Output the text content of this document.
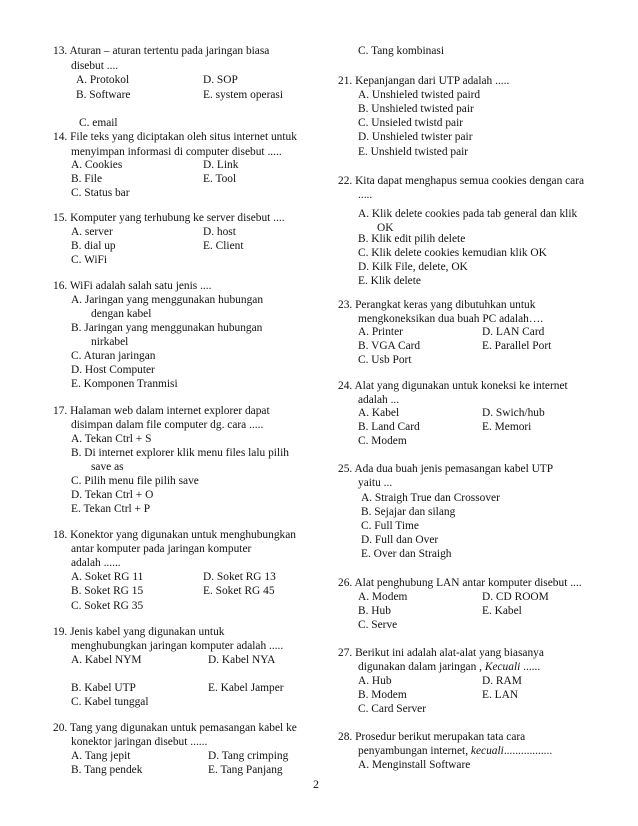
13. Aturan – aturan tertentu pada jaringan biasa
disebut ....
A. Protokol	D. SOP
B. Software	E. system operasi
C. email
14. File teks yang diciptakan oleh situs internet untuk
menyimpan informasi di computer disebut .....
A. Cookies	D. Link
B. File	E. Tool
C. Status bar
15. Komputer yang terhubung ke server disebut ....
A. server	D. host
B. dial up	E. Client
C. WiFi
16. WiFi adalah salah satu jenis ....
A. Jaringan yang menggunakan hubungan
dengan kabel
B. Jaringan yang menggunakan hubungan
nirkabel
C. Aturan jaringan
D. Host Computer
E. Komponen Tranmisi
17. Halaman web dalam internet explorer dapat
disimpan dalam file computer dg. cara .....
A. Tekan Ctrl + S
B. Di internet explorer klik menu files lalu pilih
save as
C. Pilih menu file pilih save
D. Tekan Ctrl + O
E. Tekan Ctrl + P
18. Konektor yang digunakan untuk menghubungkan
antar komputer pada jaringan komputer
adalah ......
A. Soket RG 11	D. Soket RG 13
B. Soket RG 15	E. Soket RG 45
C. Soket RG 35
19. Jenis kabel yang digunakan untuk
menghubungkan jaringan komputer adalah .....
A. Kabel NYM	D. Kabel NYA
B. Kabel UTP	E. Kabel Jamper
C. Kabel tunggal
20. Tang yang digunakan untuk pemasangan kabel ke
konektor jaringan disebut ......
A. Tang jepit	D. Tang crimping
B. Tang pendek	E. Tang Panjang
C. Tang kombinasi
21. Kepanjangan dari UTP adalah .....
A. Unshieled twisted paird
B. Unshieled twisted pair
C. Unsieled twistd pair
D. Unshieled twister pair
E. Unshield twisted pair
22. Kita dapat menghapus semua cookies dengan cara
.....
A. Klik delete cookies pada tab general dan klik
OK
B. Klik edit pilih delete
C. Klik delete cookies kemudian klik OK
D. Kilk File, delete, OK
E. Klik delete
23. Perangkat keras yang dibutuhkan untuk
mengkoneksikan dua buah PC adalah….
A. Printer	D. LAN Card
B. VGA Card	E. Parallel Port
C. Usb Port
24. Alat yang digunakan untuk koneksi ke internet
adalah ...
A. Kabel	D. Swich/hub
B. Land Card	E. Memori
C. Modem
25. Ada dua buah jenis pemasangan kabel UTP
yaitu ...
A. Straigh True dan Crossover
B. Sejajar dan silang
C. Full Time
D. Full dan Over
E. Over dan Straigh
26. Alat penghubung LAN antar komputer disebut ....
A. Modem	D. CD ROOM
B. Hub	E. Kabel
C. Serve
27. Berikut ini adalah alat-alat yang biasanya
digunakan dalam jaringan , Kecuali ......
A. Hub	D. RAM
B. Modem	E. LAN
C. Card Server
28. Prosedur berikut merupakan tata cara
penyambungan internet, kecuali.................
A. Menginstall Software
2
